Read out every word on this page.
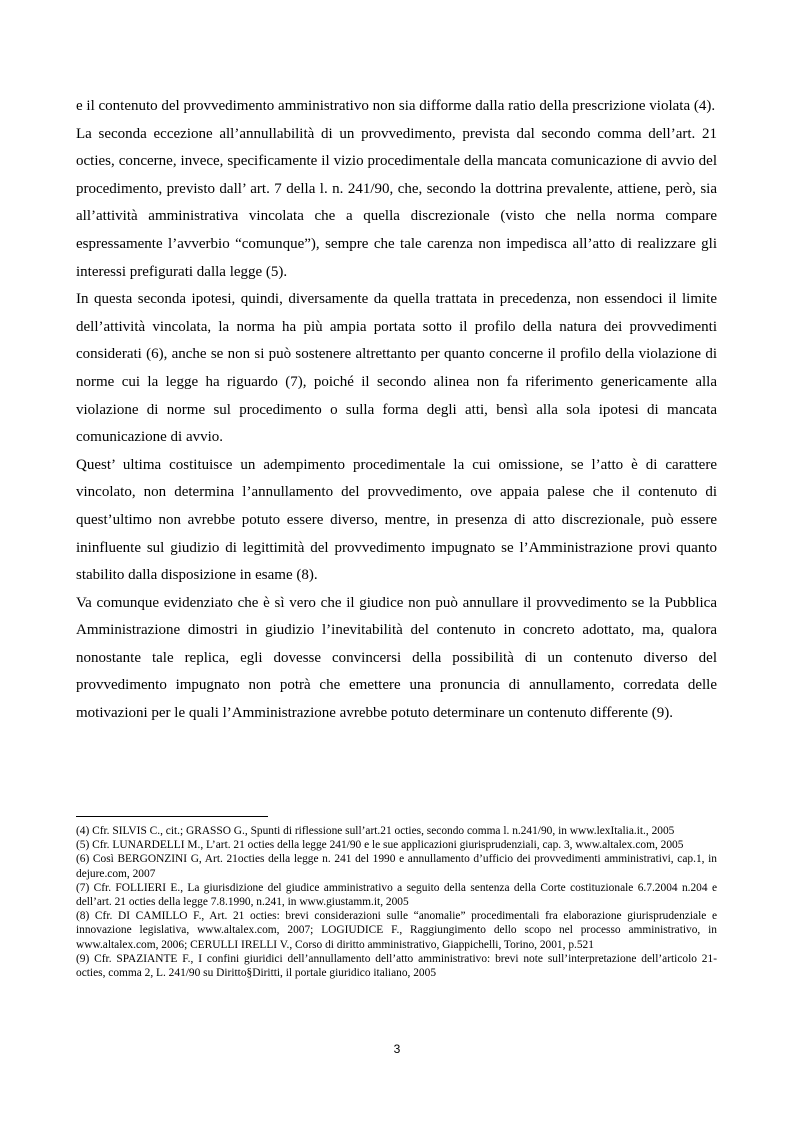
e il contenuto del provvedimento amministrativo non sia difforme dalla ratio della prescrizione violata (4).

La seconda eccezione all’annullabilità di un provvedimento, prevista dal secondo comma dell’art. 21 octies, concerne, invece, specificamente il vizio procedimentale della mancata comunicazione di avvio del procedimento, previsto dall’ art. 7 della l. n. 241/90, che, secondo la dottrina prevalente, attiene, però, sia all’attività amministrativa vincolata che a quella discrezionale (visto che nella norma compare espressamente l’avverbio “comunque”), sempre che tale carenza non impedisca all’atto di realizzare gli interessi prefigurati dalla legge (5).

In questa seconda ipotesi, quindi, diversamente da quella trattata in precedenza, non essendoci il limite dell’attività vincolata, la norma ha più ampia portata sotto il profilo della natura dei provvedimenti considerati (6), anche se non si può sostenere altrettanto per quanto concerne il profilo della violazione di norme cui la legge ha riguardo (7), poiché il secondo alinea non fa riferimento genericamente alla violazione di norme sul procedimento o sulla forma degli atti, bensì alla sola ipotesi di mancata comunicazione di avvio.

Quest’ ultima costituisce un adempimento procedimentale la cui omissione, se l’atto è di carattere vincolato, non determina l’annullamento del provvedimento, ove appaia palese che il contenuto di quest’ultimo non avrebbe potuto essere diverso, mentre, in presenza di atto discrezionale, può essere ininfluente sul giudizio di legittimità del provvedimento impugnato se l’Amministrazione provi quanto stabilito dalla disposizione in esame (8).

Va comunque evidenziato che è sì vero che il giudice non può annullare il provvedimento se la Pubblica Amministrazione dimostri in giudizio l’inevitabilità del contenuto in concreto adottato, ma, qualora nonostante tale replica, egli dovesse convincersi della possibilità di un contenuto diverso del provvedimento impugnato non potrà che emettere una pronuncia di annullamento, corredata delle motivazioni per le quali l’Amministrazione avrebbe potuto determinare un contenuto differente (9).

(4) Cfr. SILVIS C., cit.; GRASSO G., Spunti di riflessione sull’art.21 octies, secondo comma l. n.241/90, in www.lexItalia.it., 2005

(5) Cfr. LUNARDELLI M., L’art. 21 octies della legge 241/90 e le sue applicazioni giurisprudenziali, cap. 3, www.altalex.com, 2005

(6) Così BERGONZINI G, Art. 21octies della legge n. 241 del 1990 e annullamento d’ufficio dei provvedimenti amministrativi, cap.1, in dejure.com, 2007

(7) Cfr. FOLLIERI E., La giurisdizione del giudice amministrativo a seguito della sentenza della Corte costituzionale 6.7.2004 n.204 e dell’art. 21 octies della legge 7.8.1990, n.241, in www.giustamm.it, 2005

(8) Cfr. DI CAMILLO F., Art. 21 octies: brevi considerazioni sulle “anomalie” procedimentali fra elaborazione giurisprudenziale e innovazione legislativa, www.altalex.com, 2007; LOGIUDICE F., Raggiungimento dello scopo nel processo amministrativo, in www.altalex.com, 2006; CERULLI IRELLI V., Corso di diritto amministrativo, Giappichelli, Torino, 2001, p.521

(9) Cfr. SPAZIANTE F., I confini giuridici dell’annullamento dell’atto amministrativo: brevi note sull’interpretazione dell’articolo 21-octies, comma 2, L. 241/90 su Diritto§Diritti, il portale giuridico italiano, 2005

3
